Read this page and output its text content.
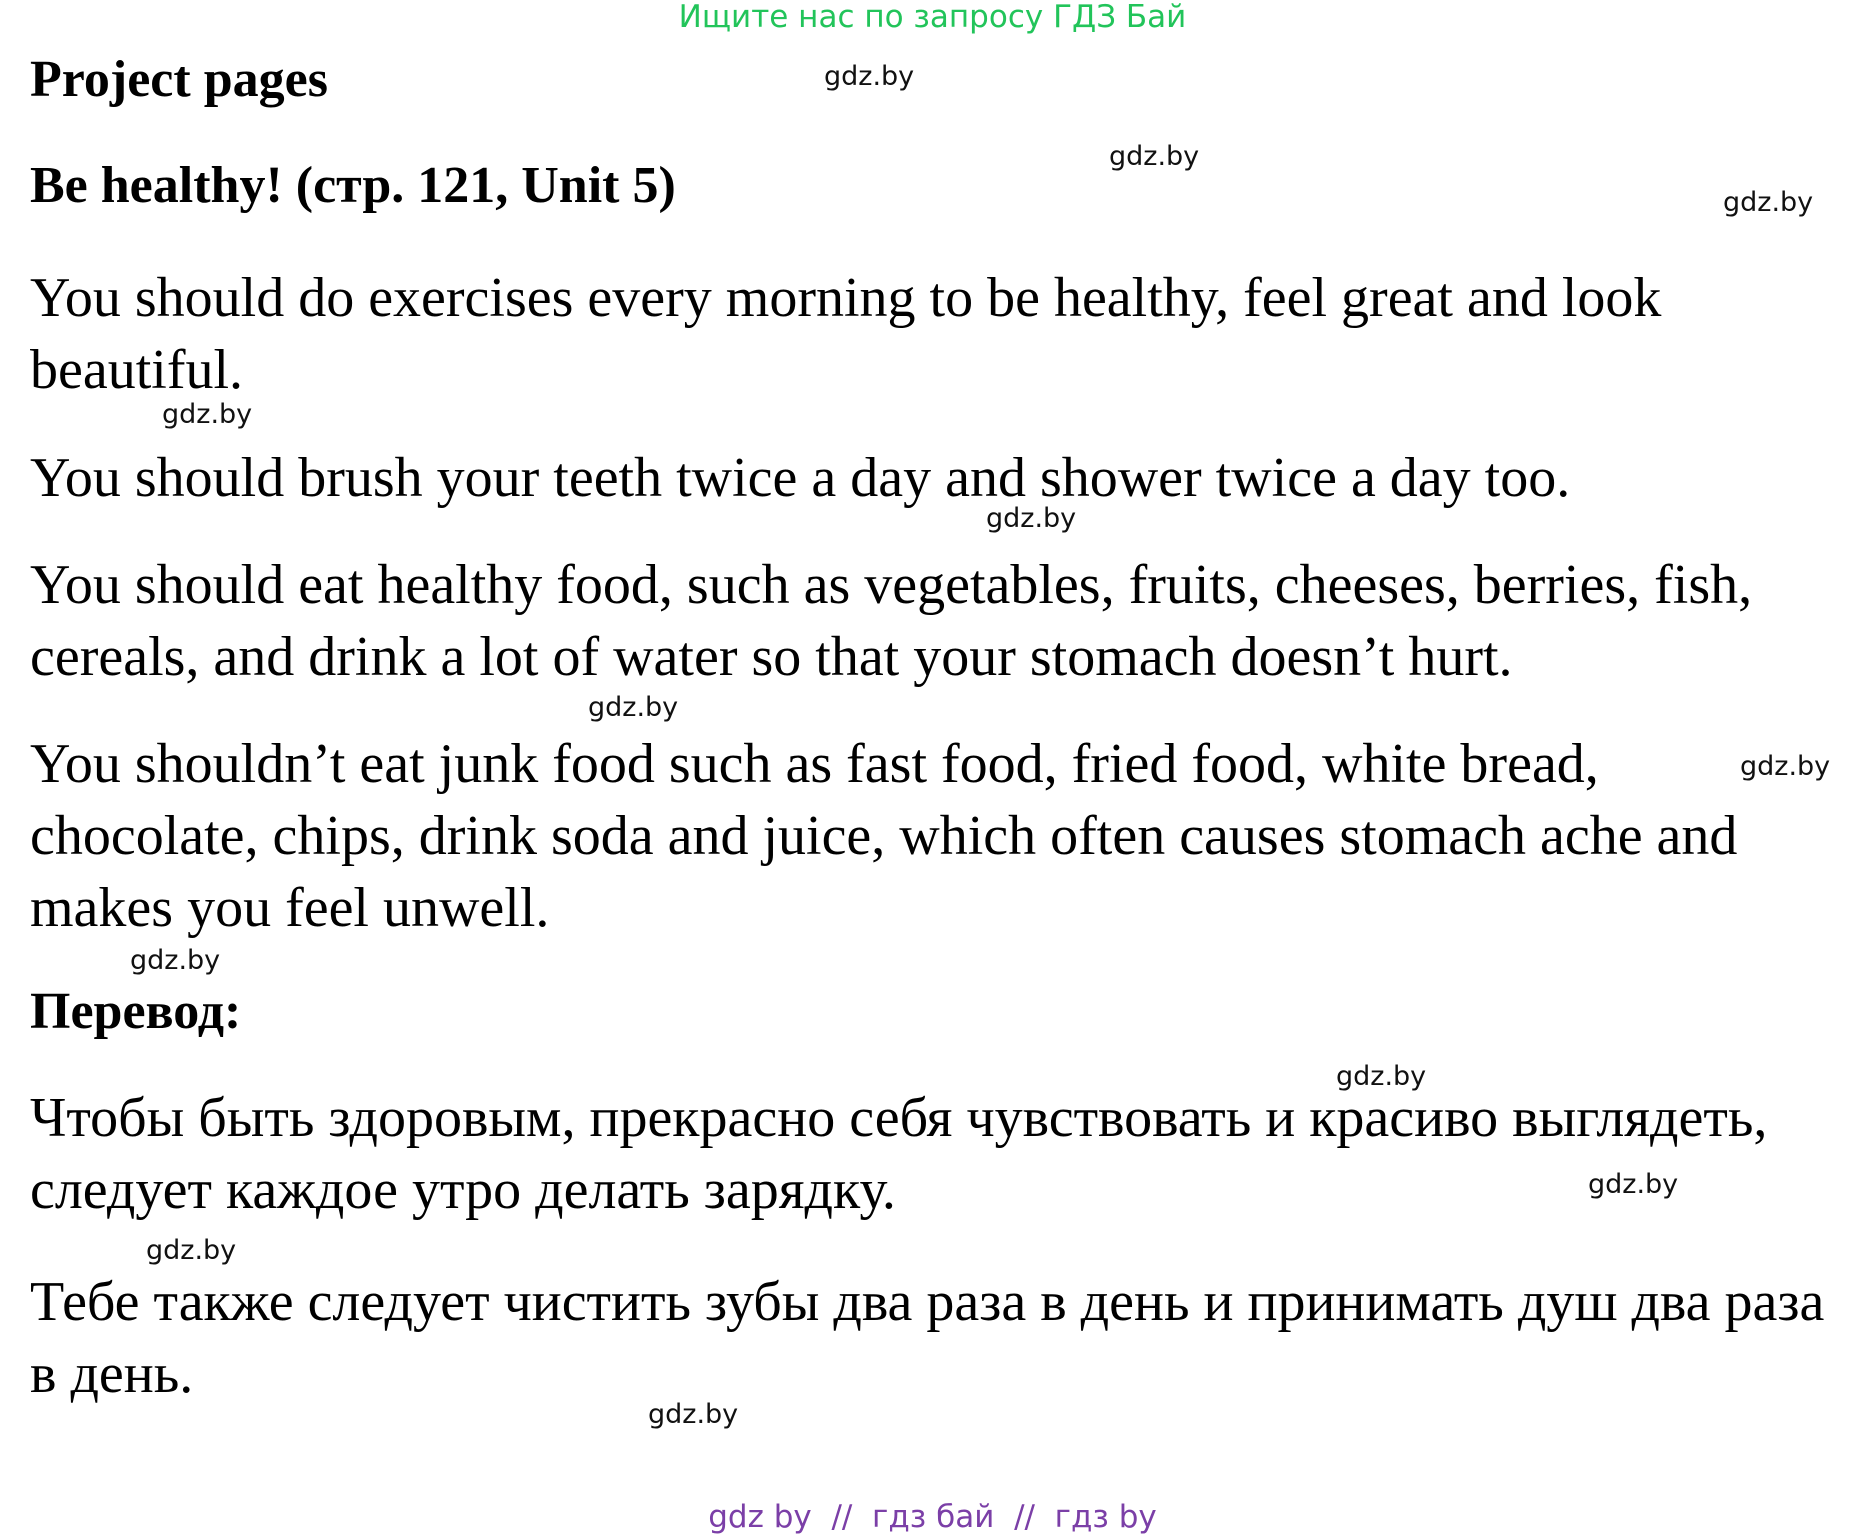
Ищите нас по запросу ГДЗ Бай
Project pages
Be healthy! (стр. 121, Unit 5)
You should do exercises every morning to be healthy, feel great and look beautiful.
You should brush your teeth twice a day and shower twice a day too.
You should eat healthy food, such as vegetables, fruits, cheeses, berries, fish, cereals, and drink a lot of water so that your stomach doesn’t hurt.
You shouldn’t eat junk food such as fast food, fried food, white bread, chocolate, chips, drink soda and juice, which often causes stomach ache and makes you feel unwell.
Перевод:
Чтобы быть здоровым, прекрасно себя чувствовать и красиво выглядеть, следует каждое утро делать зарядку.
Тебе также следует чистить зубы два раза в день и принимать душ два раза в день.
gdz.by
gdz.by
gdz.by
gdz.by
gdz.by
gdz.by
gdz.by
gdz.by
gdz.by
gdz.by
gdz.by
gdz.by
gdz by  //  гдз бай  //  гдз by
